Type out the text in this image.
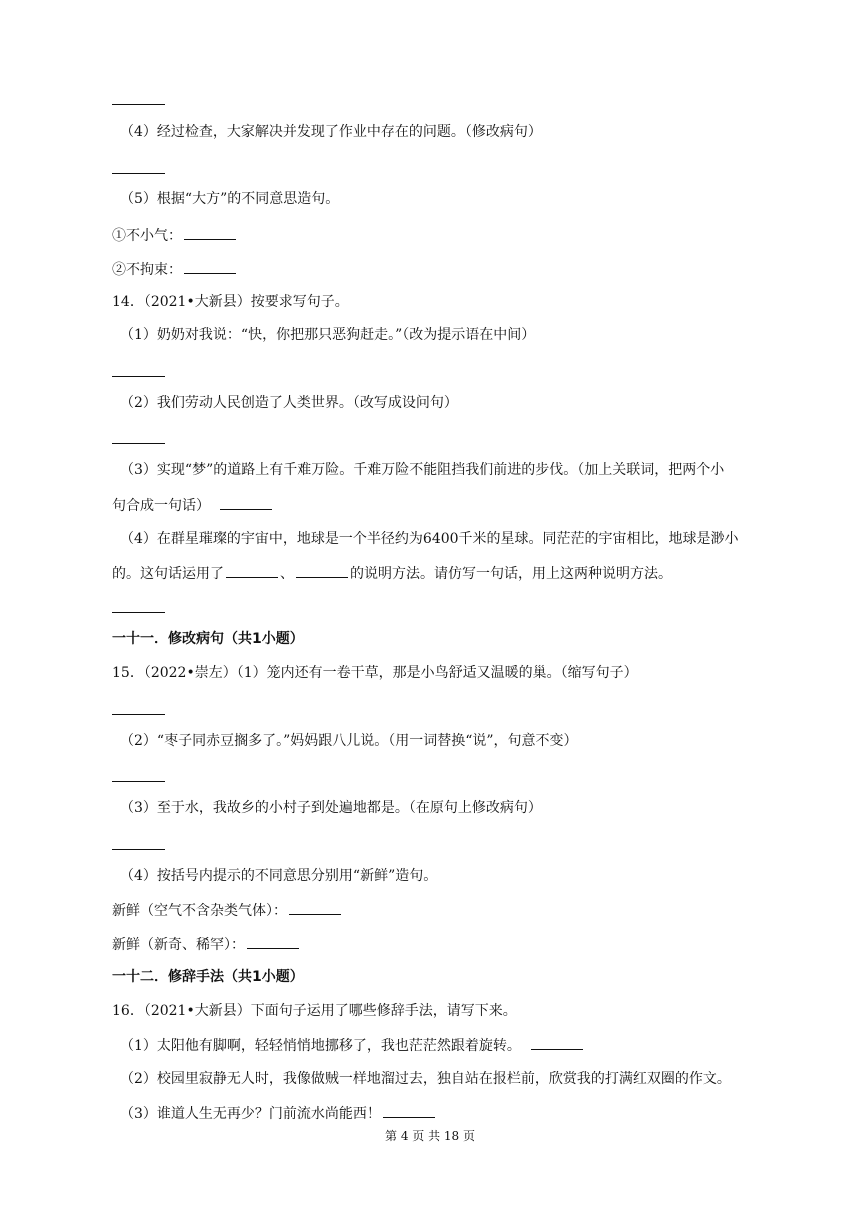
（4）经过检查，大家解决并发现了作业中存在的问题。（修改病句）
（5）根据“大方”的不同意思造句。
①不小气：
②不拘束：
14．（2021•大新县）按要求写句子。
（1）奶奶对我说：“快，你把那只恶狗赶走。”（改为提示语在中间）
（2）我们劳动人民创造了人类世界。（改写成设问句）
（3）实现“梦”的道路上有千难万险。千难万险不能阻挡我们前进的步伐。（加上关联词，把两个小
句合成一句话）
（4）在群星璀璨的宇宙中，地球是一个半径约为6400千米的星球。同茫茫的宇宙相比，地球是渺小
的。这句话运用了	、	的说明方法。请仿写一句话，用上这两种说明方法。
一十一．修改病句（共1小题）
15．（2022•崇左）（1）笼内还有一卷干草，那是小鸟舒适又温暖的巢。（缩写句子）
（2）“枣子同赤豆搁多了。”妈妈跟八儿说。（用一词替换“说”，句意不变）
（3）至于水，我故乡的小村子到处遍地都是。（在原句上修改病句）
（4）按括号内提示的不同意思分别用“新鲜”造句。
新鲜（空气不含杂类气体）：
新鲜（新奇、稀罕）：
一十二．修辞手法（共1小题）
16．（2021•大新县）下面句子运用了哪些修辞手法，请写下来。
（1）太阳他有脚啊，轻轻悄悄地挪移了，我也茫茫然跟着旋转。
（2）校园里寂静无人时，我像做贼一样地溜过去，独自站在报栏前，欣赏我的打满红双圈的作文。
（3）谁道人生无再少？门前流水尚能西！
第 4 页 共 18 页
